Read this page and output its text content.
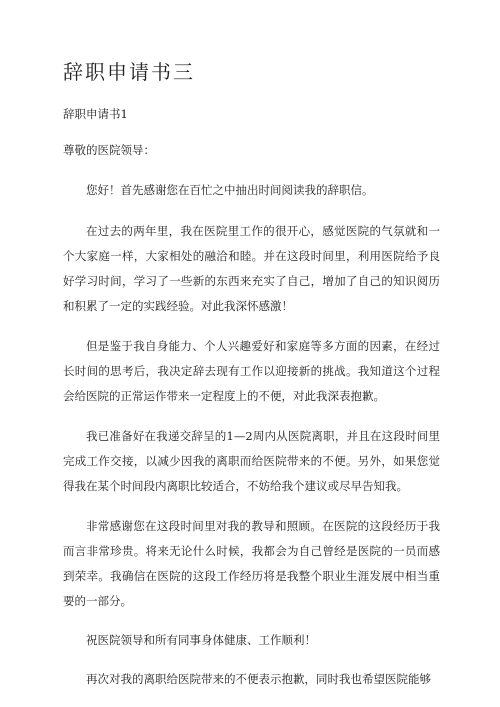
辞职申请书三
辞职申请书1
尊敬的医院领导：

您好！首先感谢您在百忙之中抽出时间阅读我的辞职信。

在过去的两年里，我在医院里工作的很开心，感觉医院的气氛就和一个大家庭一样，大家相处的融洽和睦。并在这段时间里，利用医院给予良好学习时间，学习了一些新的东西来充实了自己，增加了自己的知识阅历和积累了一定的实践经验。对此我深怀感激！

但是鉴于我自身能力、个人兴趣爱好和家庭等多方面的因素，在经过长时间的思考后，我决定辞去现有工作以迎接新的挑战。我知道这个过程会给医院的正常运作带来一定程度上的不便，对此我深表抱歉。

我已准备好在我递交辞呈的1—2周内从医院离职，并且在这段时间里完成工作交接，以减少因我的离职而给医院带来的不便。另外，如果您觉得我在某个时间段内离职比较适合，不妨给我个建议或尽早告知我。

非常感谢您在这段时间里对我的教导和照顾。在医院的这段经历于我而言非常珍贵。将来无论什么时候，我都会为自己曾经是医院的一员而感到荣幸。我确信在医院的这段工作经历将是我整个职业生涯发展中相当重要的一部分。

祝医院领导和所有同事身体健康、工作顺利！

再次对我的离职给医院带来的不便表示抱歉，同时我也希望医院能够
